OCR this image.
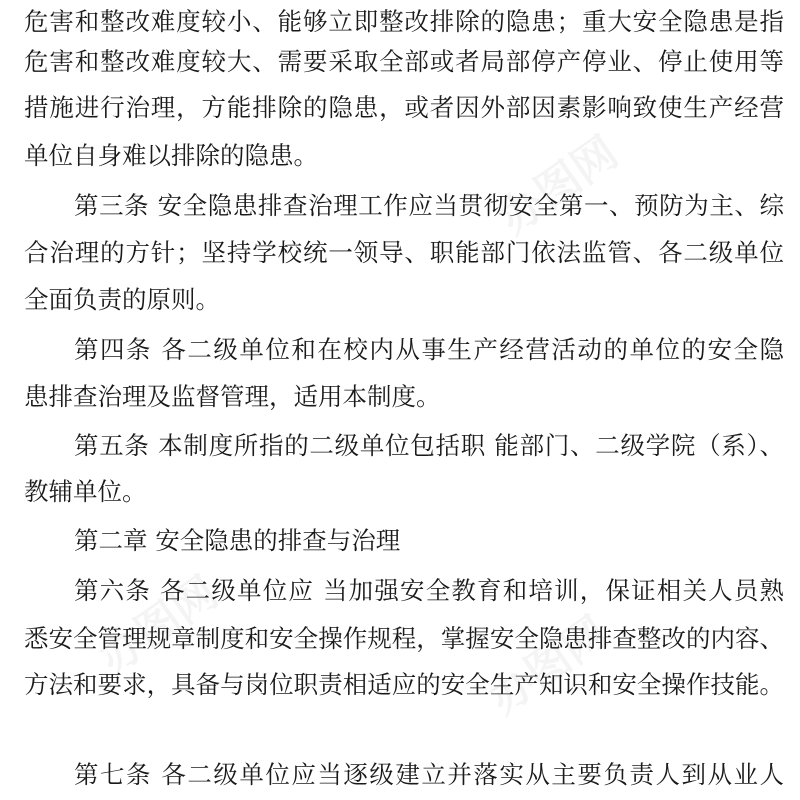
危害和整改难度较小、能够立即整改排除的隐患；重大安全隐患是指
危害和整改难度较大、需要采取全部或者局部停产停业、停止使用等
措施进行治理，方能排除的隐患，或者因外部因素影响致使生产经营
单位自身难以排除的隐患。
第三条 安全隐患排查治理工作应当贯彻安全第一、预防为主、综
合治理的方针；坚持学校统一领导、职能部门依法监管、各二级单位
全面负责的原则。
第四条 各二级单位和在校内从事生产经营活动的单位的安全隐
患排查治理及监督管理，适用本制度。
第五条 本制度所指的二级单位包括职 能部门、二级学院（系）、
教辅单位。
第二章 安全隐患的排查与治理
第六条 各二级单位应 当加强安全教育和培训，保证相关人员熟
悉安全管理规章制度和安全操作规程，掌握安全隐患排查整改的内容、
方法和要求，具备与岗位职责相适应的安全生产知识和安全操作技能。
第七条 各二级单位应当逐级建立并落实从主要负责人到从业人
